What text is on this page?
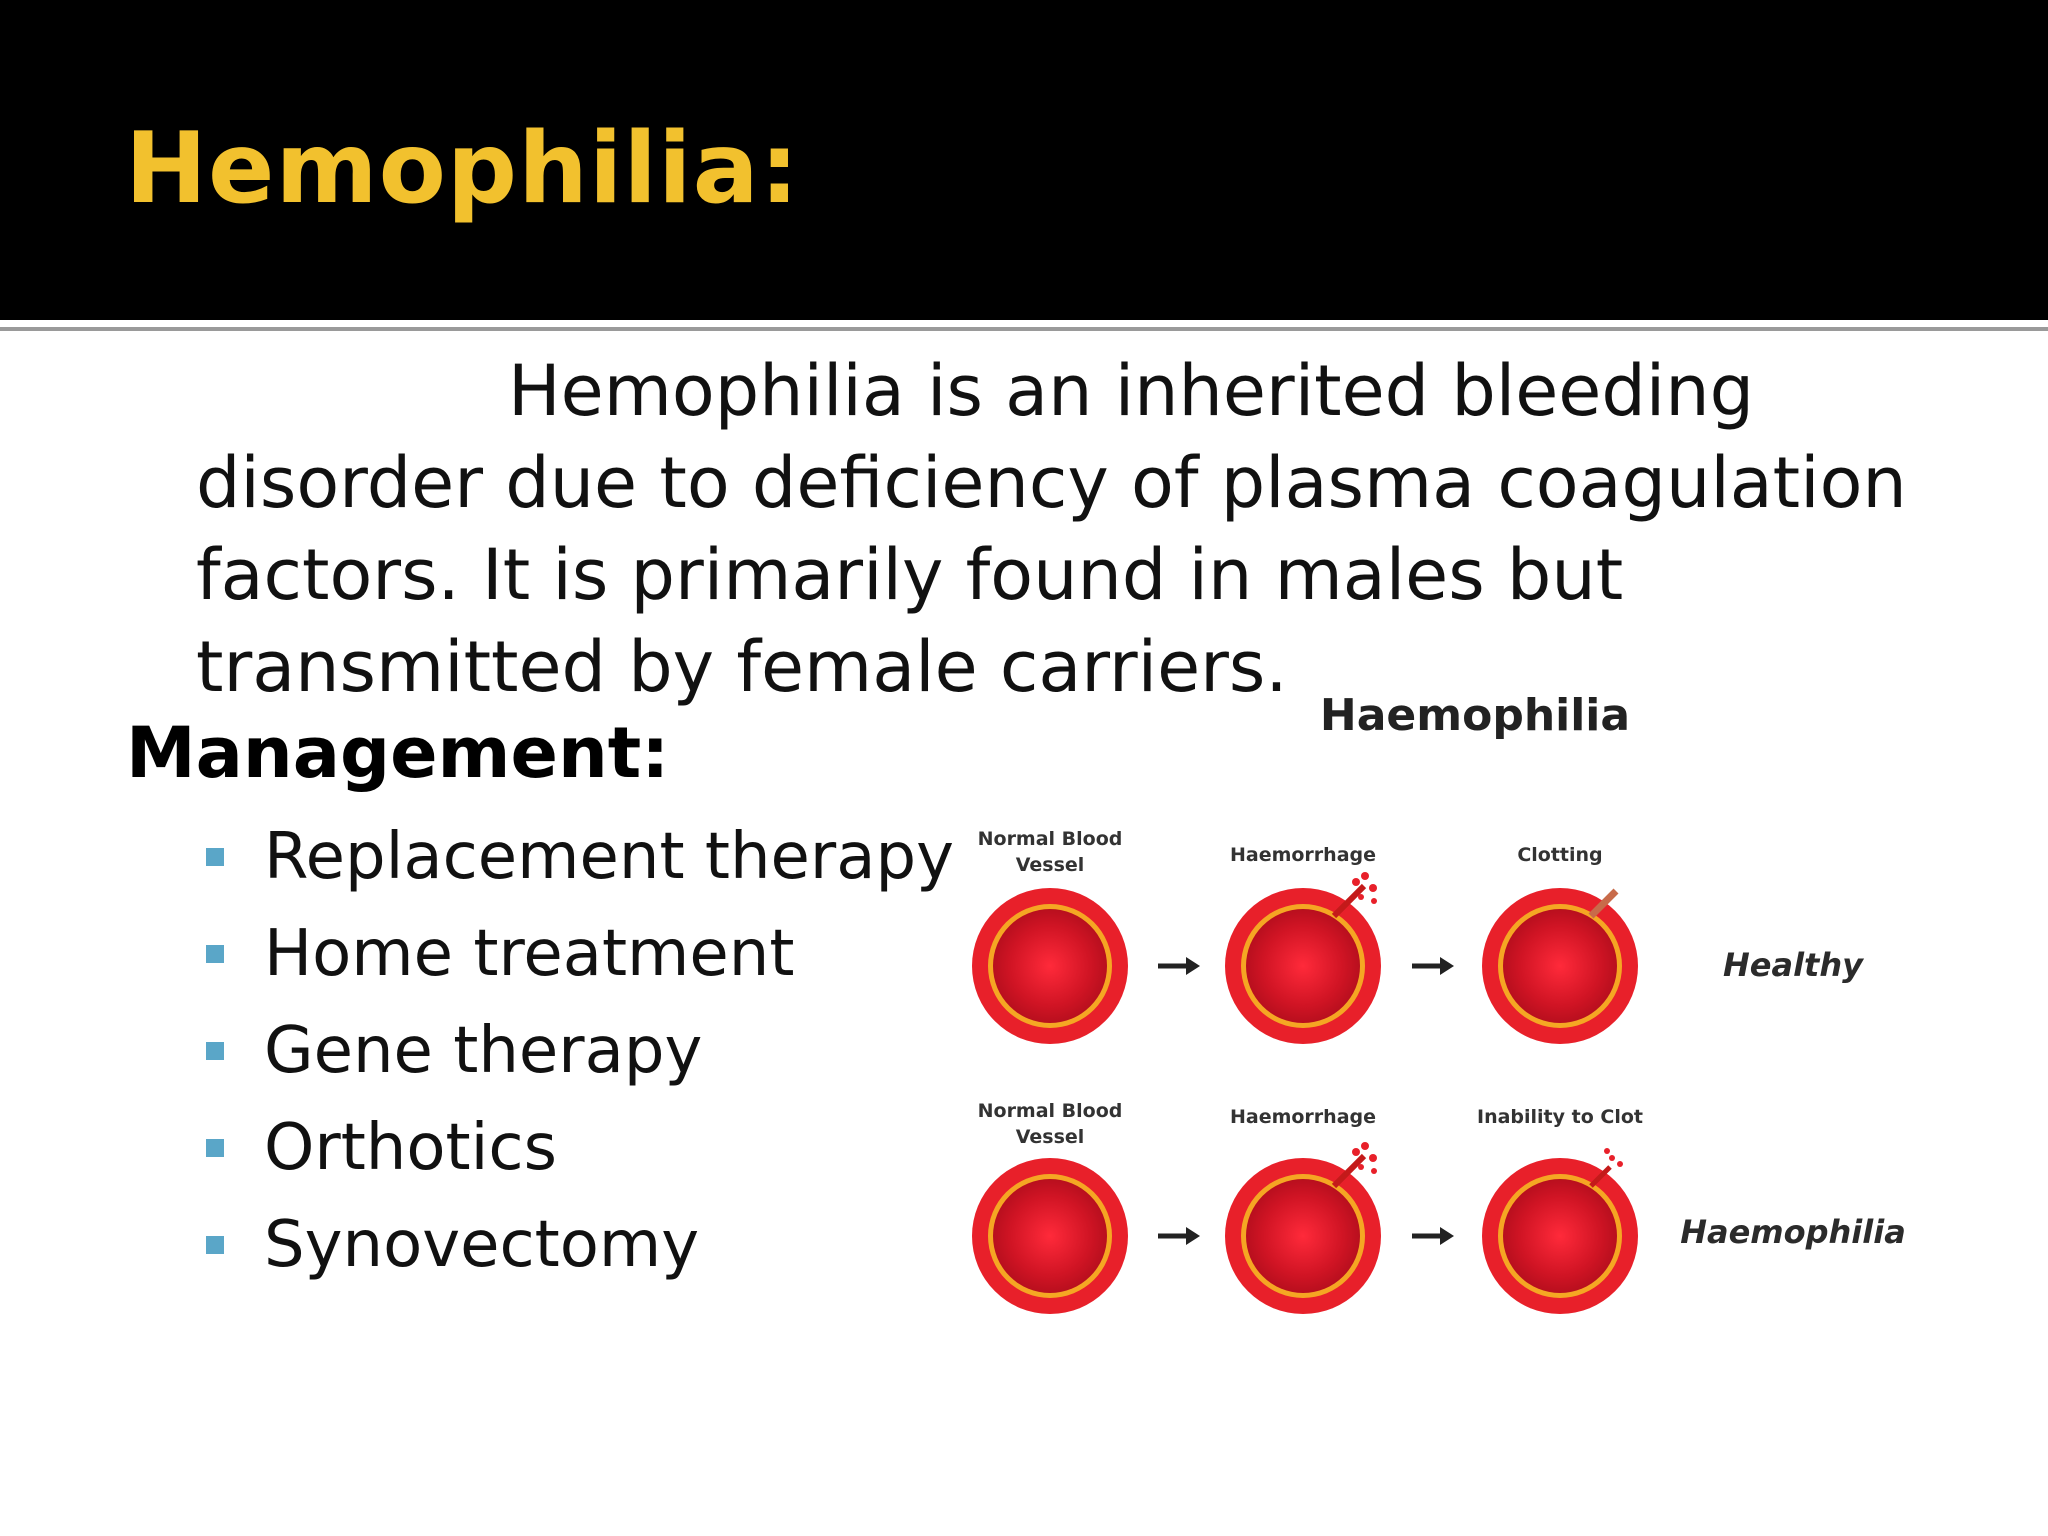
Hemophilia:

Hemophilia is an inherited bleeding
disorder due to deficiency of plasma coagulation
factors. It is primarily found in males but
transmitted by female carriers.

Management:
Replacement therapy
Home treatment
Gene therapy
Orthotics
Synovectomy
Haemophilia
Normal Blood Vessel	Haemorrhage	Clotting
Healthy
Normal Blood Vessel
Haemorrhage	Inability to Clot
Haemophilia
